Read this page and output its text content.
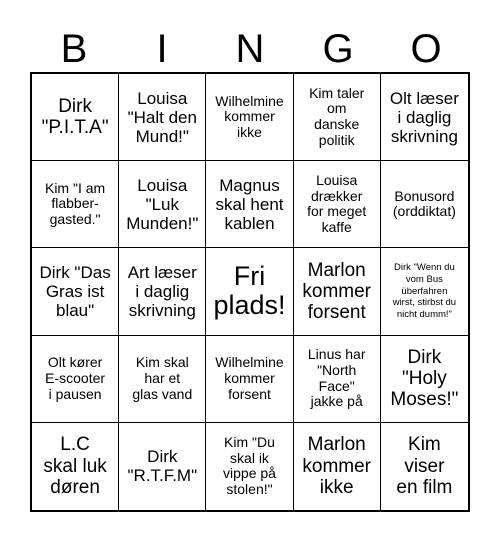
B	I	N	G	O
Dirk
"P.I.T.A"
Louisa
"Halt den
Mund!"
Wilhelmine
kommer
ikke
Kim taler
om
danske
politik
Olt læser
i daglig
skrivning
Kim "I am
flabber-
gasted."
Louisa
"Luk
Munden!"
Magnus
skal hent
kablen
Louisa
drækker
for meget
kaffe
Bonusord
(orddiktat)
Dirk "Das
Gras ist
blau"
Art læser
i daglig
skrivning
Fri
plads!
Marlon
kommer
forsent
Dirk "Wenn du
vom Bus
überfahren
wirst, stirbst du
nicht dumm!"
Olt kører
E-scooter
i pausen
Kim skal
har et
glas vand
Wilhelmine
kommer
forsent
Linus har
"North
Face"
jakke på
Dirk
"Holy
Moses!"
L.C
skal luk
døren
Dirk
"R.T.F.M"
Kim "Du
skal ik
vippe på
stolen!"
Marlon
kommer
ikke
Kim
viser
en film
